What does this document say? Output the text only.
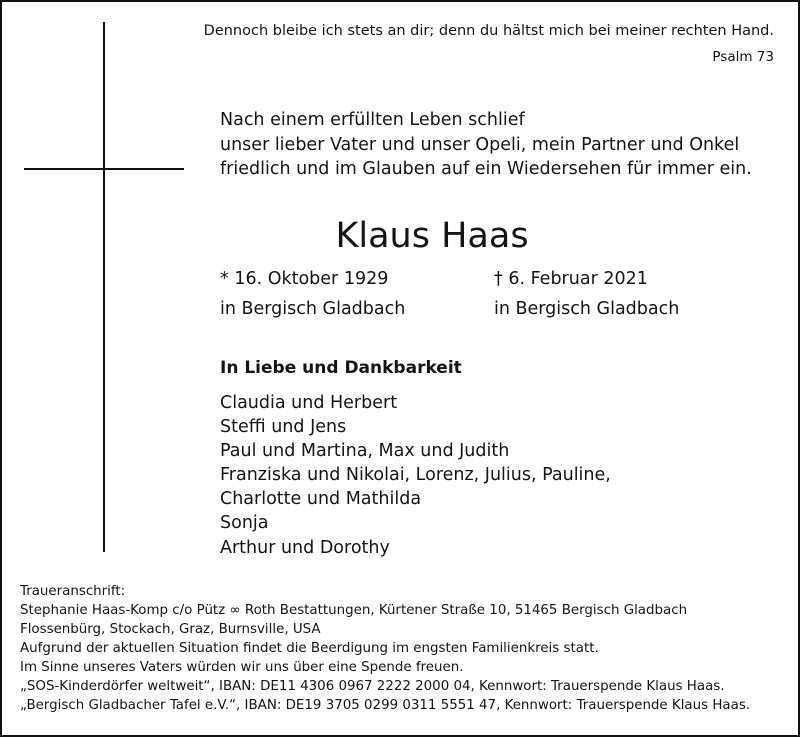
Dennoch bleibe ich stets an dir; denn du hältst mich bei meiner rechten Hand.
Psalm 73
Nach einem erfüllten Leben schlief
unser lieber Vater und unser Opeli, mein Partner und Onkel
friedlich und im Glauben auf ein Wiedersehen für immer ein.
Klaus Haas
* 16. Oktober 1929
in Bergisch Gladbach
† 6. Februar 2021
in Bergisch Gladbach
In Liebe und Dankbarkeit
Claudia und Herbert
Steffi und Jens
Paul und Martina, Max und Judith
Franziska und Nikolai, Lorenz, Julius, Pauline,
Charlotte und Mathilda
Sonja
Arthur und Dorothy
Traueranschrift:
Stephanie Haas-Komp c/o Pütz ∞ Roth Bestattungen, Kürtener Straße 10, 51465 Bergisch Gladbach
Flossenbürg, Stockach, Graz, Burnsville, USA
Aufgrund der aktuellen Situation findet die Beerdigung im engsten Familienkreis statt.
Im Sinne unseres Vaters würden wir uns über eine Spende freuen.
„SOS-Kinderdörfer weltweit“, IBAN: DE11 4306 0967 2222 2000 04, Kennwort: Trauerspende Klaus Haas.
„Bergisch Gladbacher Tafel e.V.“, IBAN: DE19 3705 0299 0311 5551 47, Kennwort: Trauerspende Klaus Haas.
